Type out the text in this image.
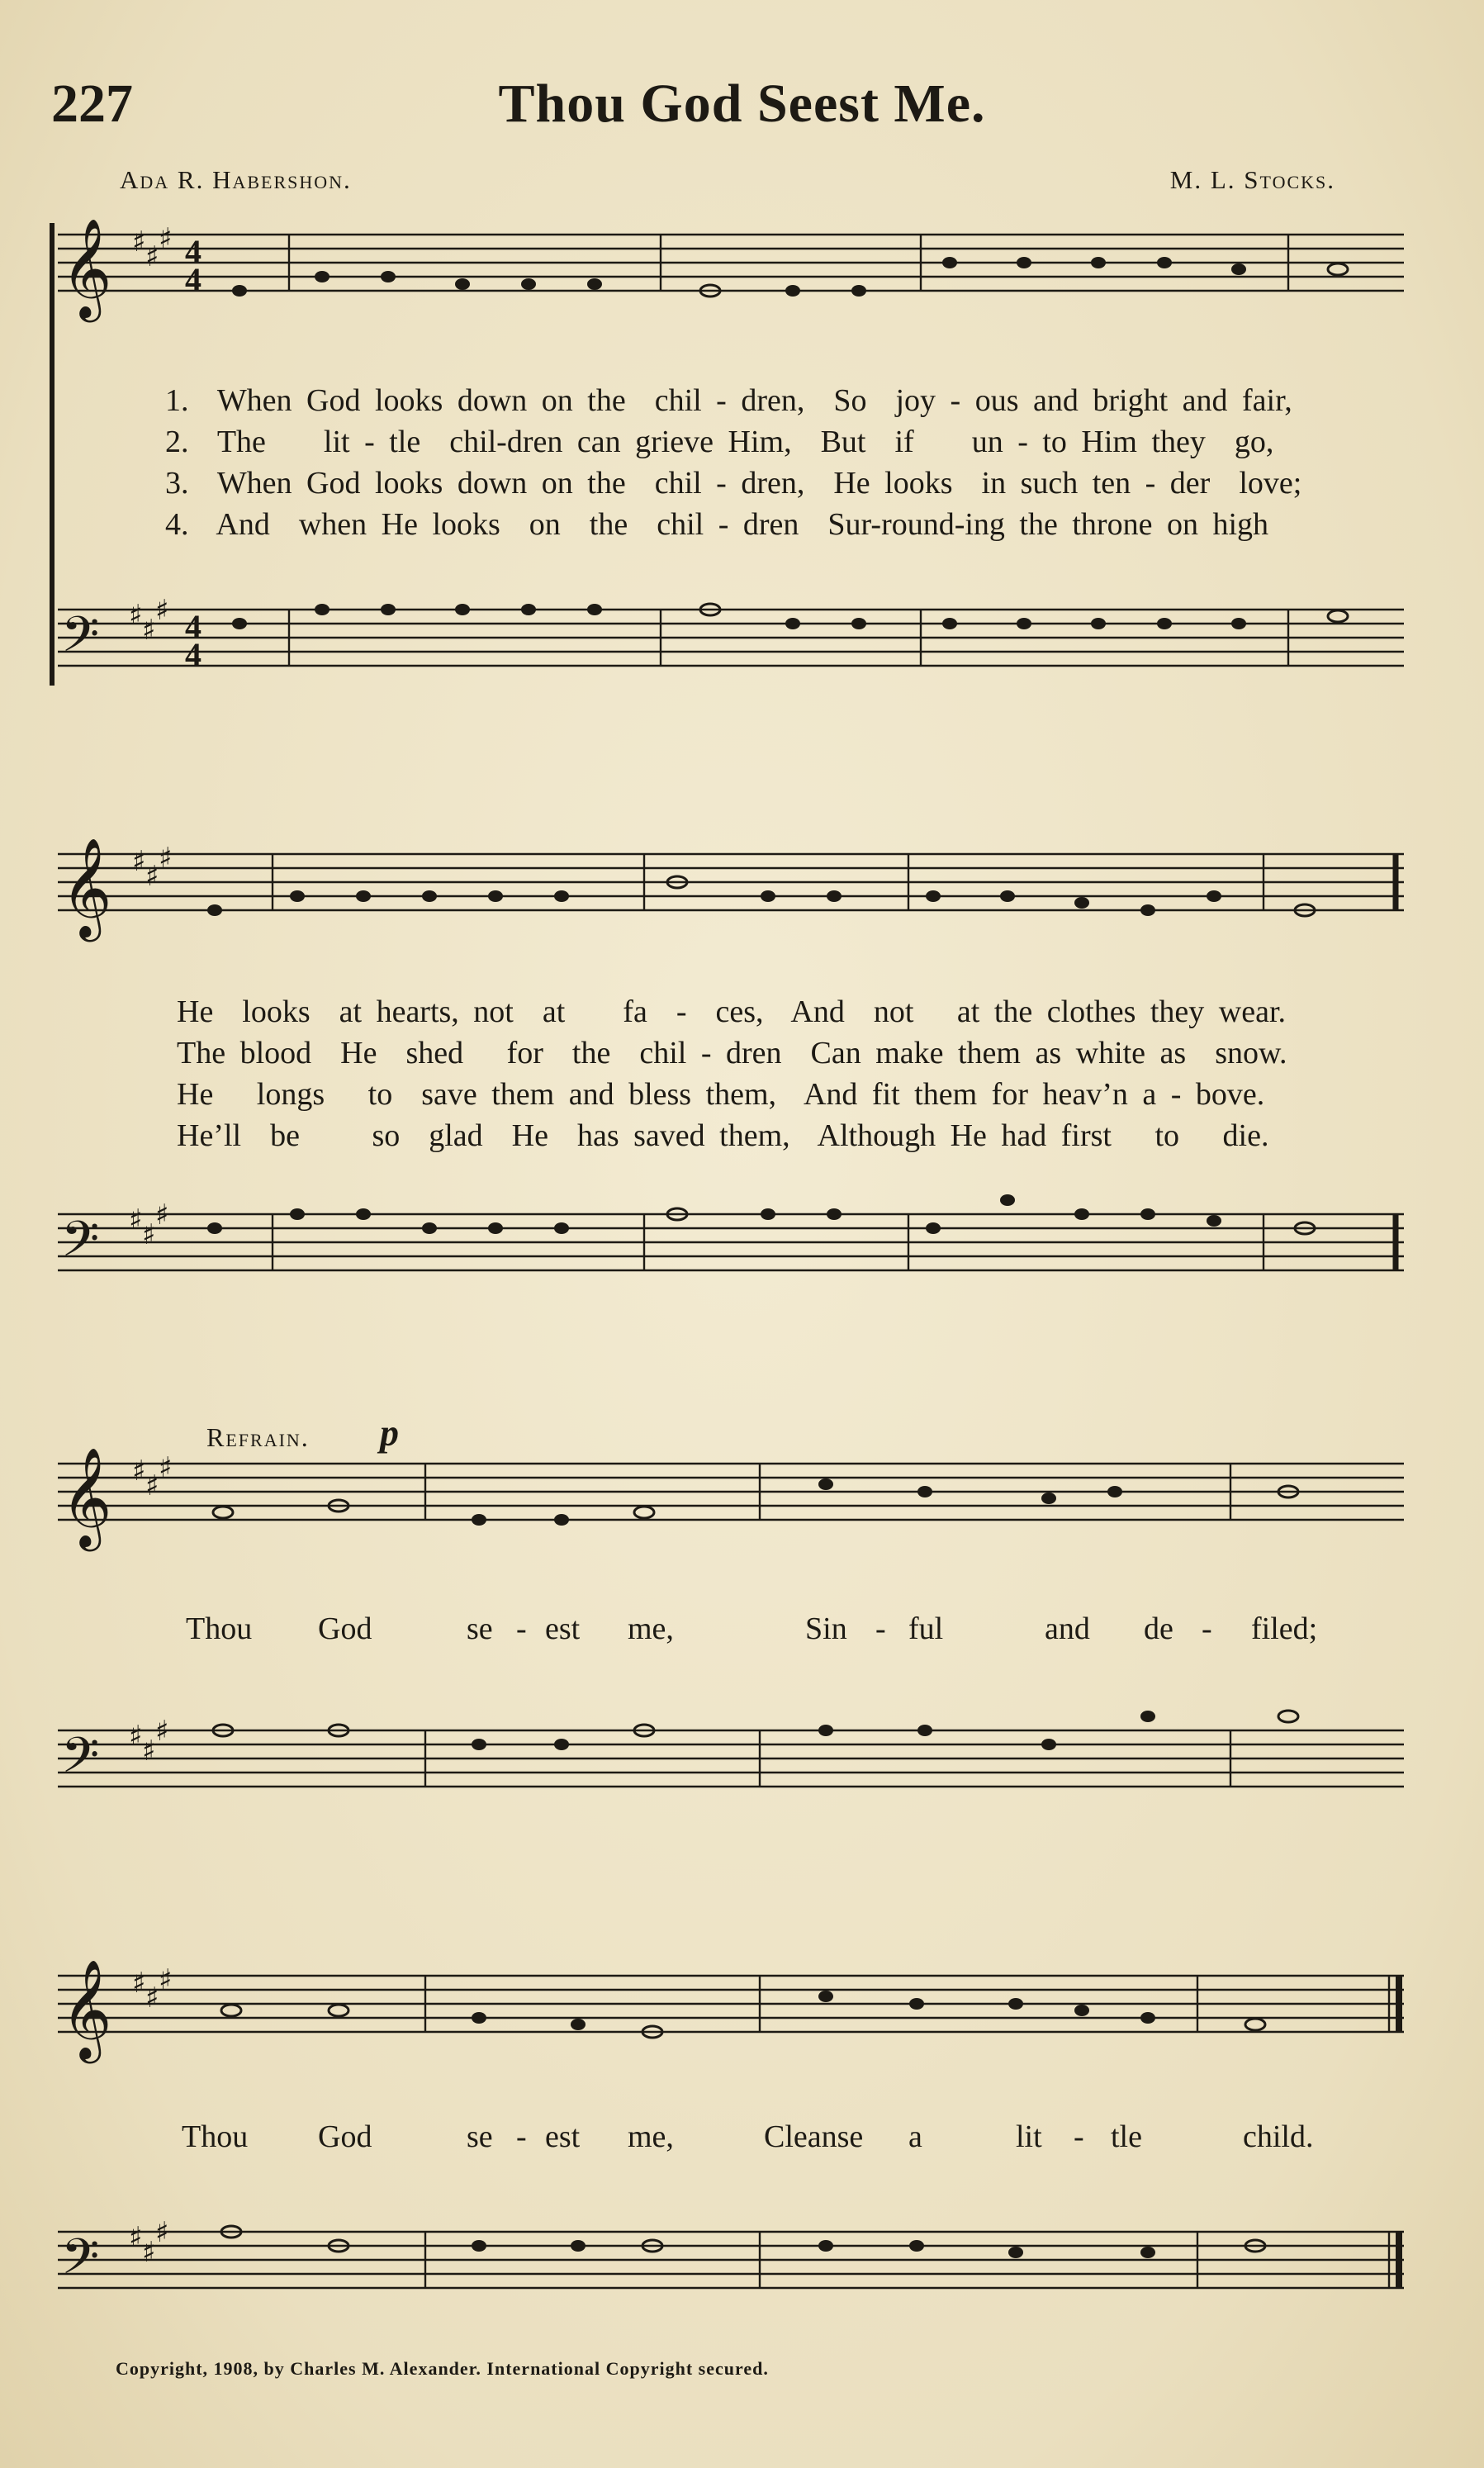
227	Thou God Seest Me.
Ada R. Habershon.	M. L. Stocks.
𝄞
𝄢
♯ ♯
♯
♯ ♯
♯
4
4
4
4
1.  When God looks down on the  chil - dren,  So  joy - ous and bright and fair,
2.  The    lit - tle  chil-dren can grieve Him,  But  if    un - to Him they  go,
3.  When God looks down on the  chil - dren,  He looks  in such ten - der  love;
4.  And  when He looks  on  the  chil - dren  Sur-round-ing the throne on high
𝄞
𝄢
♯ ♯
♯
♯ ♯
♯
He  looks  at hearts, not  at    fa  -  ces,  And  not   at the clothes they wear.
The blood  He  shed   for  the  chil - dren  Can make them as white as  snow.
He   longs   to  save them and bless them,  And fit them for heav’n a - bove.
He’ll  be     so  glad  He  has saved them,  Although He had first   to   die.
Refrain. p
𝄞
𝄢
♯ ♯
♯
♯ ♯
♯
Thou God	se - est me,	Sin - ful	and de - filed;
𝄞
𝄢
♯ ♯
♯
♯ ♯
♯
Thou God	se - est me,	Cleanse a	lit - tle	child.
Copyright, 1908, by Charles M. Alexander. International Copyright secured.
